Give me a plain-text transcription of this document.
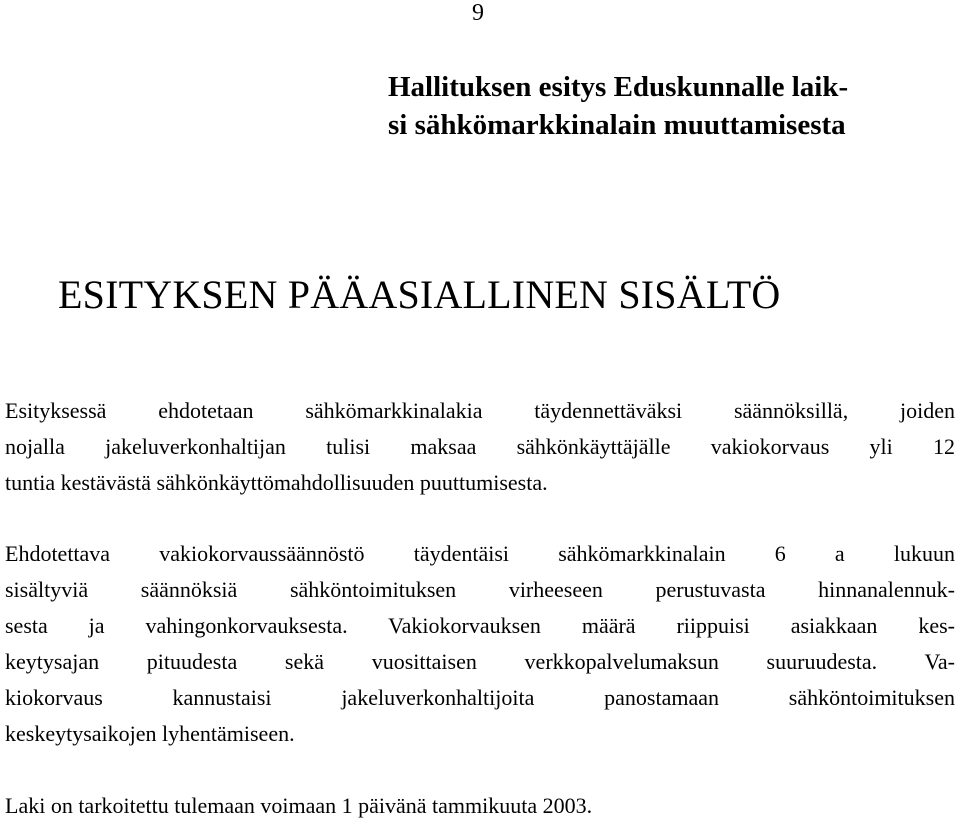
9
Hallituksen esitys Eduskunnalle laik-
si sähkömarkkinalain muuttamisesta
ESITYKSEN PÄÄASIALLINEN SISÄLTÖ

Esityksessä ehdotetaan sähkömarkkinalakia täydennettäväksi säännöksillä, joiden
nojalla jakeluverkonhaltijan tulisi maksaa sähkönkäyttäjälle vakiokorvaus yli 12
tuntia kestävästä sähkönkäyttömahdollisuuden puuttumisesta.

Ehdotettava vakiokorvaussäännöstö täydentäisi sähkömarkkinalain 6 a lukuun
sisältyviä säännöksiä sähköntoimituksen virheeseen perustuvasta hinnanalennuk-
sesta ja vahingonkorvauksesta. Vakiokorvauksen määrä riippuisi asiakkaan kes-
keytysajan pituudesta sekä vuosittaisen verkkopalvelumaksun suuruudesta. Va-
kiokorvaus kannustaisi jakeluverkonhaltijoita panostamaan sähköntoimituksen
keskeytysaikojen lyhentämiseen.

Laki on tarkoitettu tulemaan voimaan 1 päivänä tammikuuta 2003.
